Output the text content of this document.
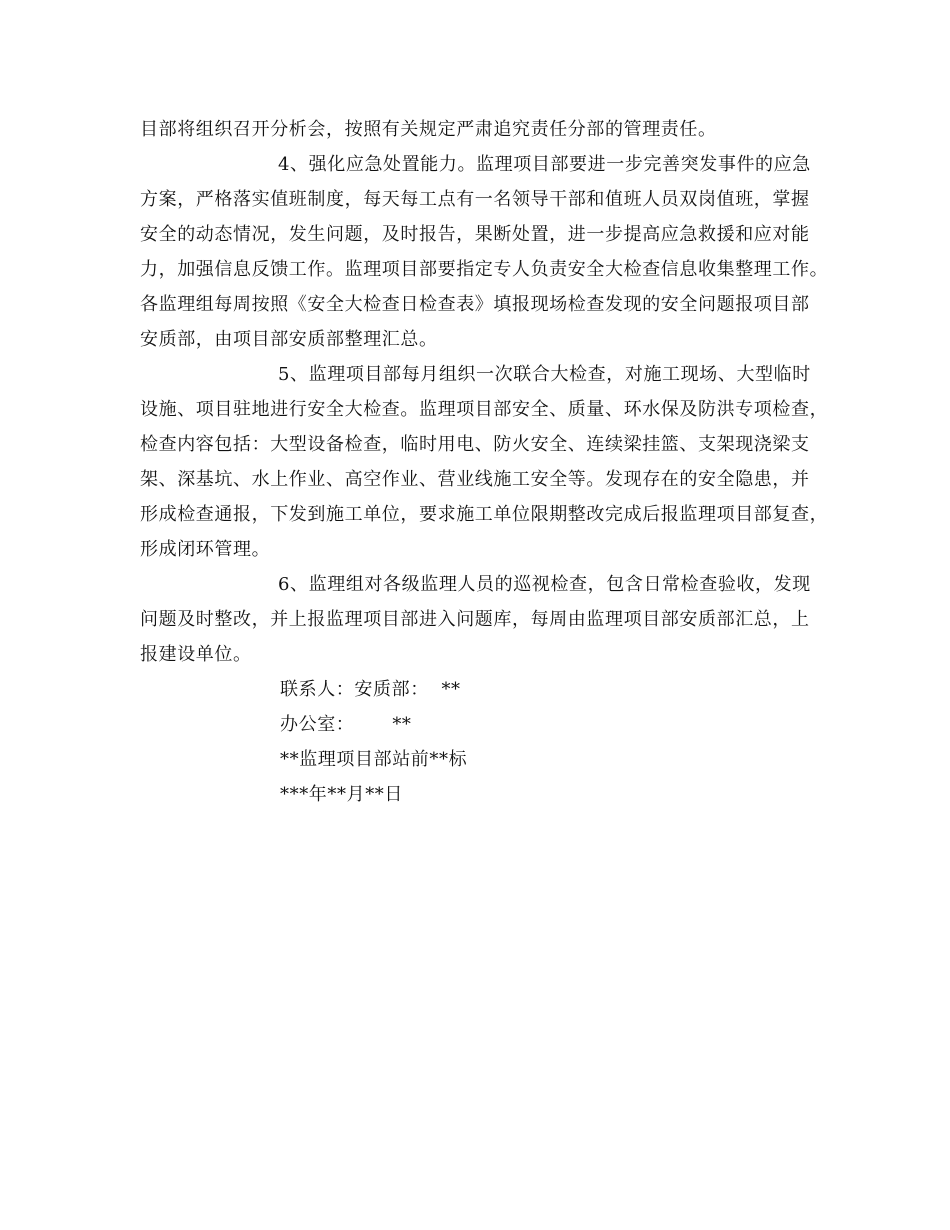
目部将组织召开分析会，按照有关规定严肃追究责任分部的管理责任。
4、强化应急处置能力。监理项目部要进一步完善突发事件的应急
方案，严格落实值班制度，每天每工点有一名领导干部和值班人员双岗值班，掌握
安全的动态情况，发生问题，及时报告，果断处置，进一步提高应急救援和应对能
力，加强信息反馈工作。监理项目部要指定专人负责安全大检查信息收集整理工作。
各监理组每周按照《安全大检查日检查表》填报现场检查发现的安全问题报项目部
安质部，由项目部安质部整理汇总。
5、监理项目部每月组织一次联合大检查，对施工现场、大型临时
设施、项目驻地进行安全大检查。监理项目部安全、质量、环水保及防洪专项检查，
检查内容包括：大型设备检查，临时用电、防火安全、连续梁挂篮、支架现浇梁支
架、深基坑、水上作业、高空作业、营业线施工安全等。发现存在的安全隐患，并
形成检查通报，下发到施工单位，要求施工单位限期整改完成后报监理项目部复查，
形成闭环管理。
6、监理组对各级监理人员的巡视检查，包含日常检查验收，发现
问题及时整改，并上报监理项目部进入问题库，每周由监理项目部安质部汇总，上
报建设单位。
联系人：安质部：  **
办公室：      **
**监理项目部站前**标
***年**月**日
